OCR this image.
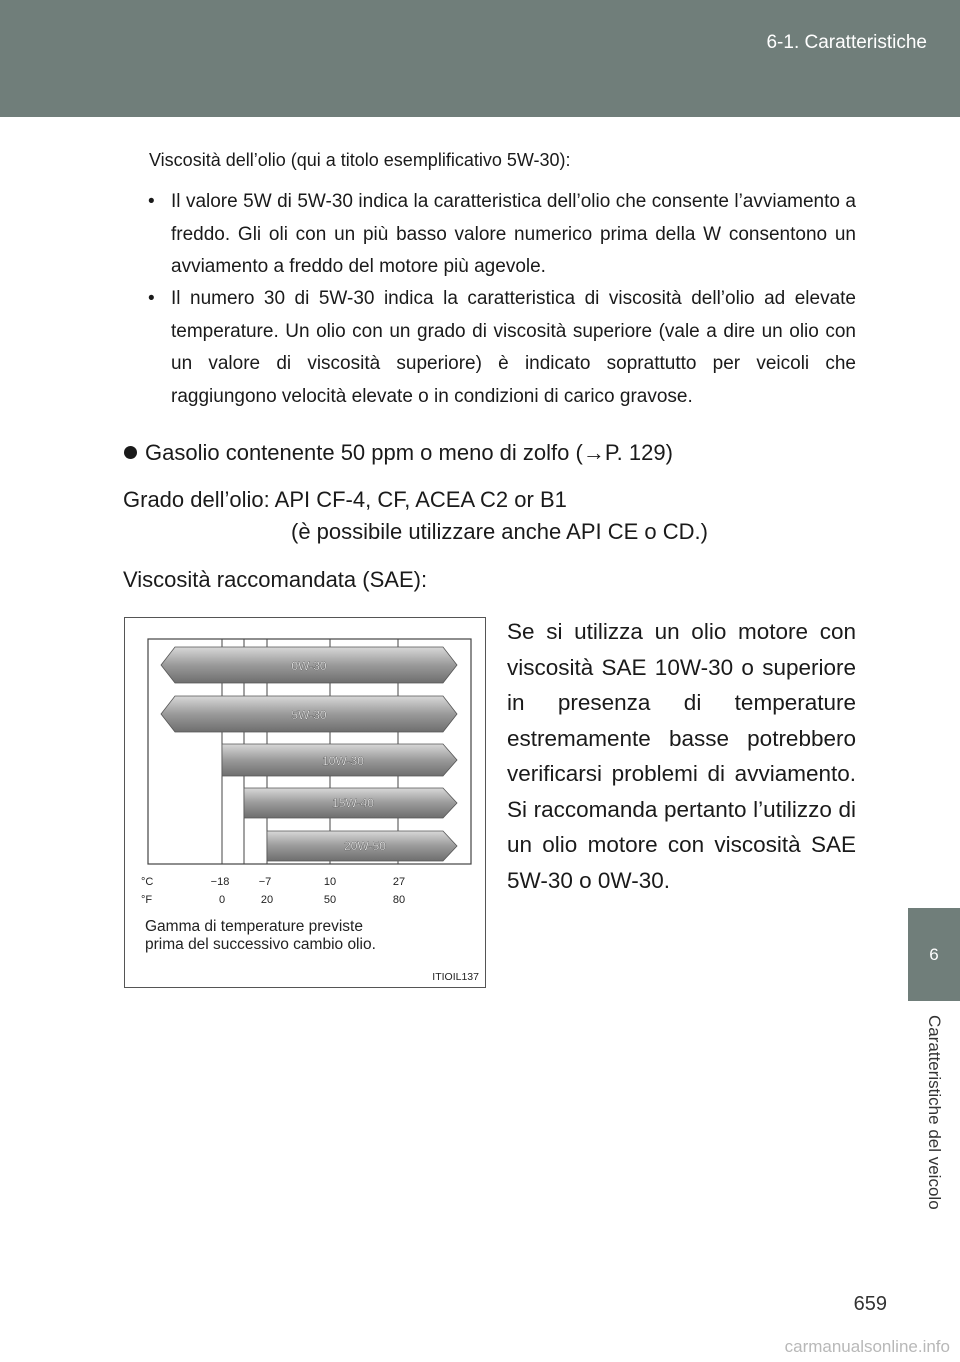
6-1. Caratteristiche
6
Caratteristiche del veicolo
Viscosità dell’olio (qui a titolo esemplificativo 5W-30):
• Il valore 5W di 5W-30 indica la caratteristica dell’olio che consente l’avviamento a freddo. Gli oli con un più basso valore numerico prima della W consentono un avviamento a freddo del motore più agevole.
• Il numero 30 di 5W-30 indica la caratteristica di viscosità dell’olio ad elevate temperature. Un olio con un grado di viscosità superiore (vale a dire un olio con un valore di viscosità superiore) è indicato soprattutto per veicoli che raggiungono velocità elevate o in condizioni di carico gravose.
Gasolio contenente 50 ppm o meno di zolfo (→P. 129)
Grado dell’olio: API CF-4, CF, ACEA C2 or B1
(è possibile utilizzare anche API CE o CD.)
Viscosità raccomandata (SAE):
Se si utilizza un olio motore con viscosità SAE 10W-30 o superiore in presenza di temperature estremamente basse potrebbero verificarsi problemi di avviamento. Si raccomanda pertanto l’utilizzo di un olio motore con viscosità SAE 5W-30 o 0W-30.
0W-30
5W-30
10W-30
15W-40
20W-50
°C
°F
−18	−7	10	27
0	20	50	80
Gamma di temperature previste
prima del successivo cambio olio.
ITIOIL137
659
carmanualsonline.info
